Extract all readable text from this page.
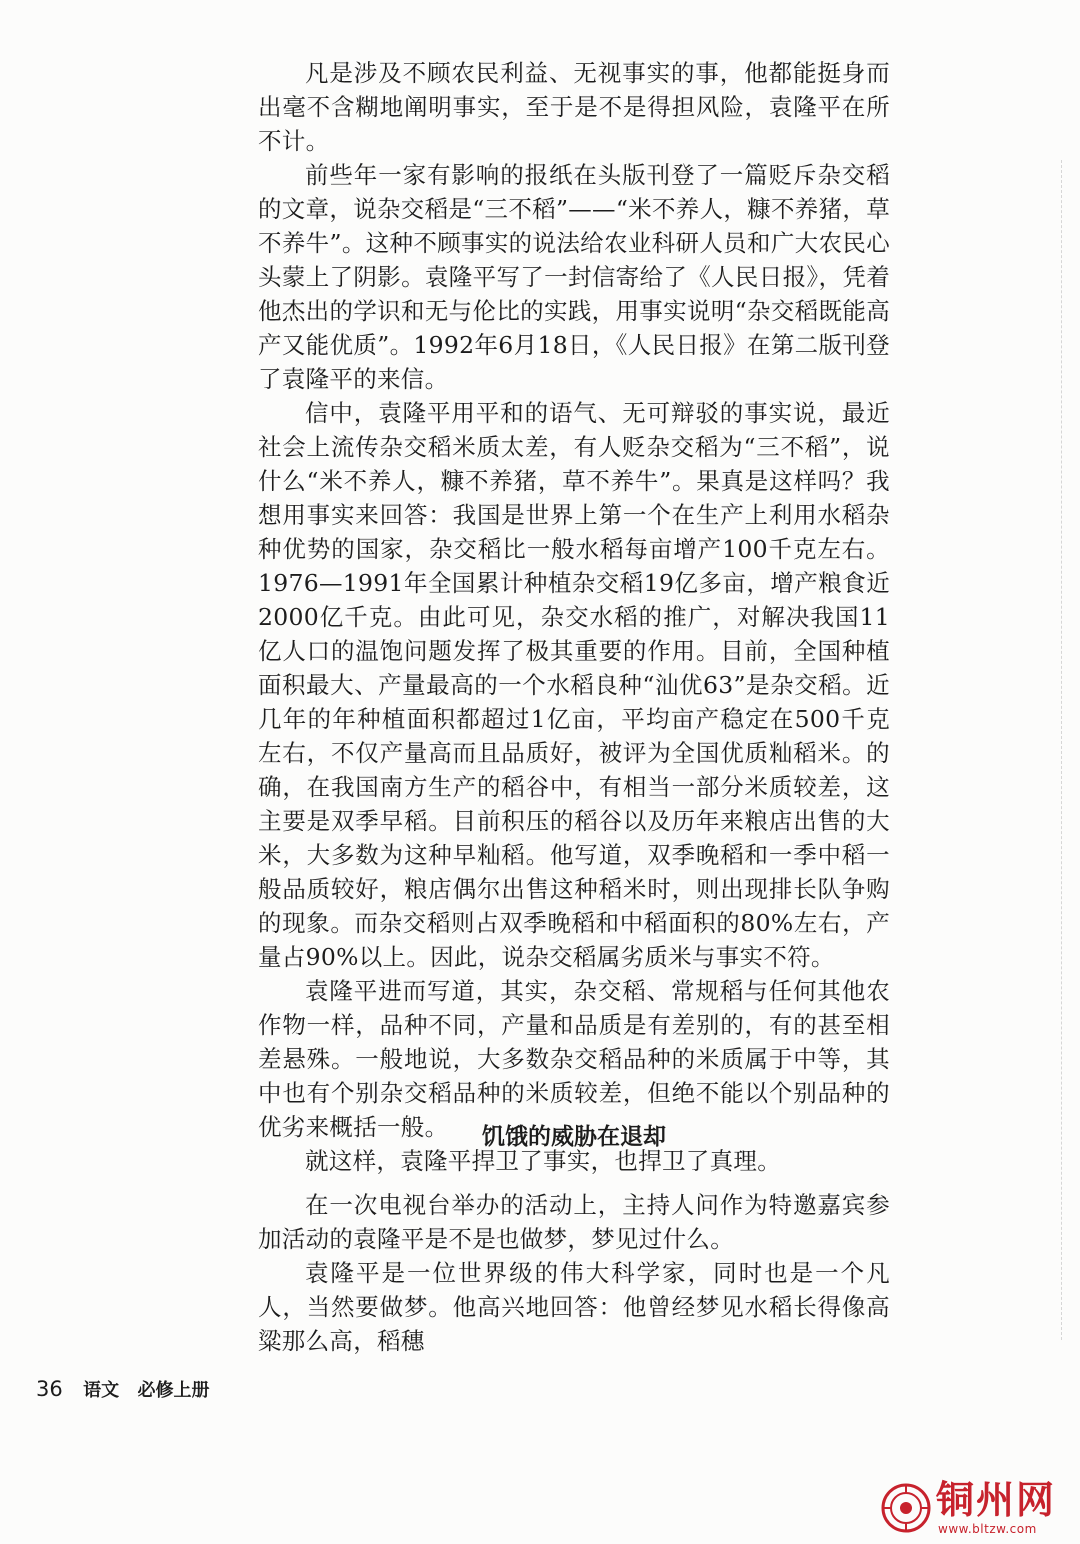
凡是涉及不顾农民利益、无视事实的事，他都能挺身而出毫不含糊地阐明事实，至于是不是得担风险，袁隆平在所不计。

前些年一家有影响的报纸在头版刊登了一篇贬斥杂交稻的文章，说杂交稻是“三不稻”——“米不养人，糠不养猪，草不养牛”。这种不顾事实的说法给农业科研人员和广大农民心头蒙上了阴影。袁隆平写了一封信寄给了《人民日报》，凭着他杰出的学识和无与伦比的实践，用事实说明“杂交稻既能高产又能优质”。1992年6月18日，《人民日报》在第二版刊登了袁隆平的来信。

信中，袁隆平用平和的语气、无可辩驳的事实说，最近社会上流传杂交稻米质太差，有人贬杂交稻为“三不稻”，说什么“米不养人，糠不养猪，草不养牛”。果真是这样吗？我想用事实来回答：我国是世界上第一个在生产上利用水稻杂种优势的国家，杂交稻比一般水稻每亩增产100千克左右。1976—1991年全国累计种植杂交稻19亿多亩，增产粮食近2000亿千克。由此可见，杂交水稻的推广，对解决我国11亿人口的温饱问题发挥了极其重要的作用。目前，全国种植面积最大、产量最高的一个水稻良种“汕优63”是杂交稻。近几年的年种植面积都超过1亿亩，平均亩产稳定在500千克左右，不仅产量高而且品质好，被评为全国优质籼稻米。的确，在我国南方生产的稻谷中，有相当一部分米质较差，这主要是双季早稻。目前积压的稻谷以及历年来粮店出售的大米，大多数为这种早籼稻。他写道，双季晚稻和一季中稻一般品质较好，粮店偶尔出售这种稻米时，则出现排长队争购的现象。而杂交稻则占双季晚稻和中稻面积的80%左右，产量占90%以上。因此，说杂交稻属劣质米与事实不符。

袁隆平进而写道，其实，杂交稻、常规稻与任何其他农作物一样，品种不同，产量和品质是有差别的，有的甚至相差悬殊。一般地说，大多数杂交稻品种的米质属于中等，其中也有个别杂交稻品种的米质较差，但绝不能以个别品种的优劣来概括一般。

就这样，袁隆平捍卫了事实，也捍卫了真理。

饥饿的威胁在退却

在一次电视台举办的活动上，主持人问作为特邀嘉宾参加活动的袁隆平是不是也做梦，梦见过什么。

袁隆平是一位世界级的伟大科学家，同时也是一个凡人，当然要做梦。他高兴地回答：他曾经梦见水稻长得像高粱那么高，稻穗

36 语文 必修上册
铜州网
www.bltzw.com
